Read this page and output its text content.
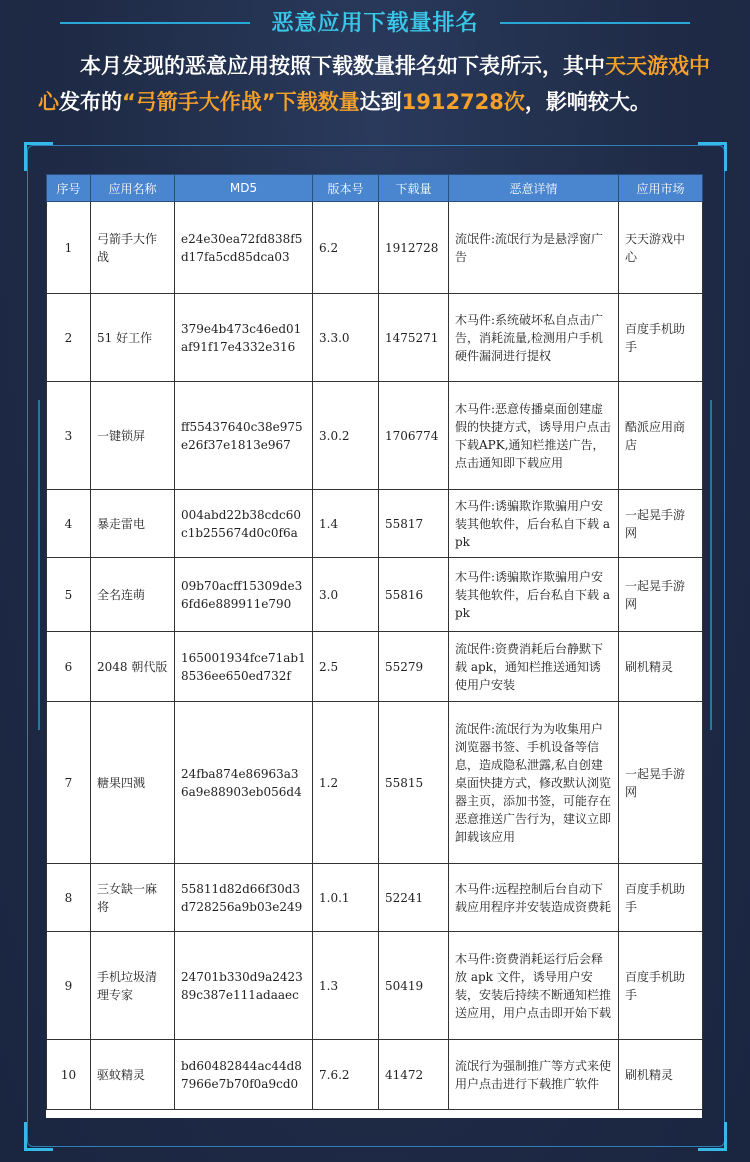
恶意应用下载量排名
本月发现的恶意应用按照下载数量排名如下表所示，其中天天游戏中心发布的“弓箭手大作战”下载数量达到1912728次，影响较大。
序号	应用名称	MD5	版本号	下载量	恶意详情	应用市场
1	弓箭手大作战	e24e30ea72fd838f5d17fa5cd85dca03	6.2	1912728	流氓件:流氓行为是悬浮窗广告	天天游戏中心
2	51 好工作	379e4b473c46ed01af91f17e4332e316	3.3.0	1475271	木马件:系统破坏私自点击广告，消耗流量,检测用户手机硬件漏洞进行提权	百度手机助手
3	一键锁屏	ff55437640c38e975e26f37e1813e967	3.0.2	1706774	木马件:恶意传播桌面创建虚假的快捷方式，诱导用户点击下载APK,通知栏推送广告，点击通知即下载应用	酷派应用商店
4	暴走雷电	004abd22b38cdc60c1b255674d0c0f6a	1.4	55817	木马件:诱骗欺诈欺骗用户安装其他软件，后台私自下载 apk	一起晃手游网
5	全名连萌	09b70acff15309de36fd6e889911e790	3.0	55816	木马件:诱骗欺诈欺骗用户安装其他软件，后台私自下载 apk	一起晃手游网
6	2048 朝代版	165001934fce71ab18536ee650ed732f	2.5	55279	流氓件:资费消耗后台静默下载 apk，通知栏推送通知诱使用户安装	刷机精灵
7	糖果四溅	24fba874e86963a36a9e88903eb056d4	1.2	55815	流氓件:流氓行为为收集用户浏览器书签、手机设备等信息，造成隐私泄露,私自创建桌面快捷方式，修改默认浏览器主页，添加书签，可能存在恶意推送广告行为，建议立即卸载该应用	一起晃手游网
8	三女缺一麻将	55811d82d66f30d3d728256a9b03e249	1.0.1	52241	木马件:远程控制后台自动下载应用程序并安装造成资费耗	百度手机助手
9	手机垃圾清理专家	24701b330d9a242389c387e111adaaec	1.3	50419	木马件:资费消耗运行后会释放 apk 文件，诱导用户安装，安装后持续不断通知栏推送应用，用户点击即开始下载	百度手机助手
10	驱蚊精灵	bd60482844ac44d87966e7b70f0a9cd0	7.6.2	41472	流氓行为强制推广等方式来使用户点击进行下载推广软件	刷机精灵
